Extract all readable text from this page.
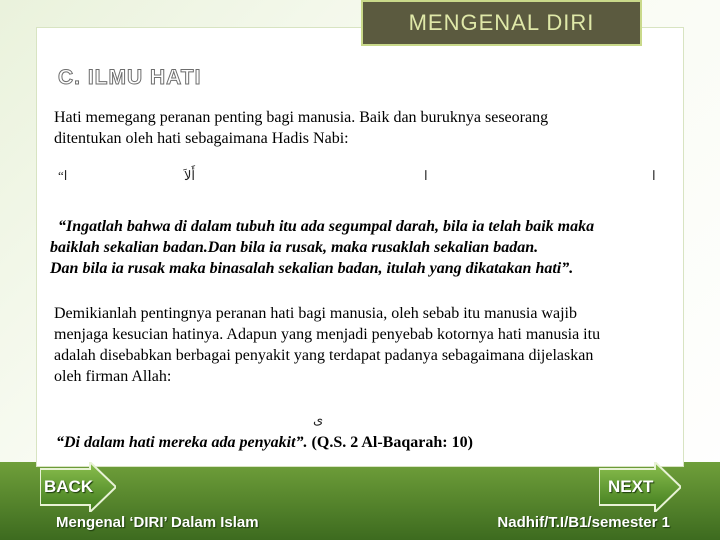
MENGENAL DIRI
C. ILMU HATI
Hati memegang peranan penting bagi manusia. Baik dan buruknya seseorang
ditentukan oleh hati sebagaimana Hadis Nabi:
“ا	أَلاَ	ا	ا
“Ingatlah bahwa di dalam tubuh itu ada segumpal darah, bila ia telah baik maka
baiklah sekalian badan.Dan bila ia rusak, maka rusaklah sekalian badan.
Dan bila ia rusak maka binasalah sekalian badan, itulah yang dikatakan hati”.
Demikianlah pentingnya peranan hati bagi manusia, oleh sebab itu manusia wajib
menjaga kesucian hatinya. Adapun yang menjadi penyebab kotornya hati manusia itu
adalah disebabkan berbagai penyakit yang terdapat padanya sebagaimana dijelaskan
oleh firman Allah:
ى
“Di dalam hati mereka ada penyakit”. (Q.S. 2 Al-Baqarah: 10)
BACK	NEXT
Mengenal ‘DIRI’ Dalam Islam	Nadhif/T.I/B1/semester 1
